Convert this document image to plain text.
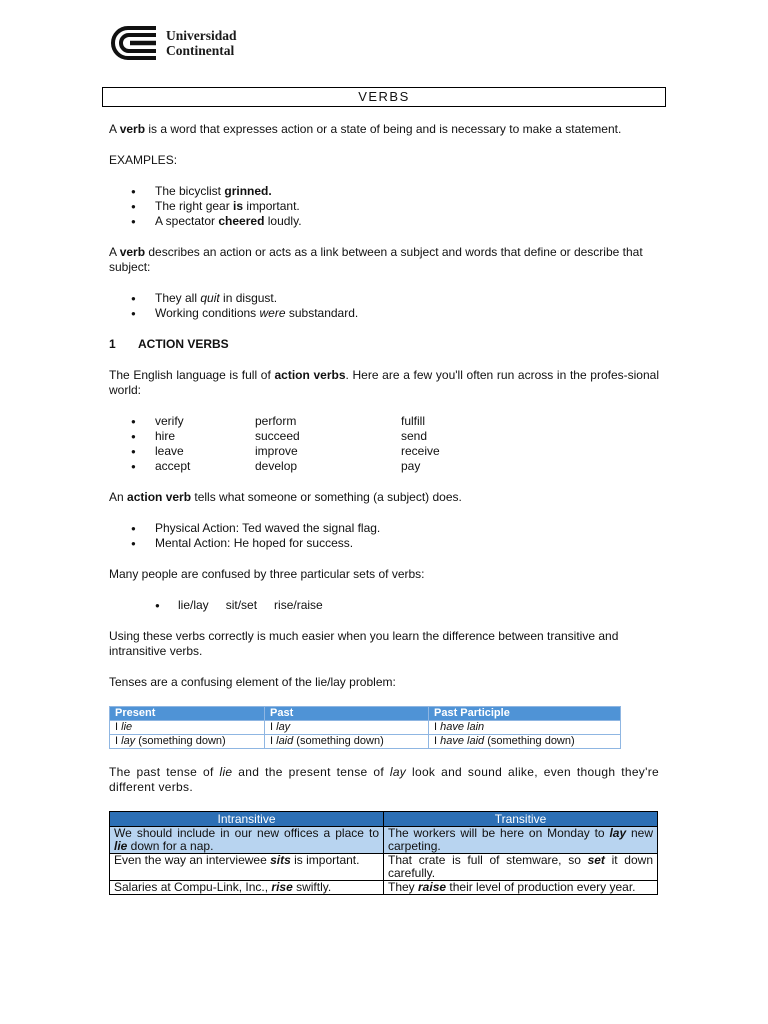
Universidad
Continental
VERBS

A verb is a word that expresses action or a state of being and is necessary to make a statement.

EXAMPLES:

● The bicyclist grinned.
● The right gear is important.
● A spectator cheered loudly.

A verb describes an action or acts as a link between a subject and words that define or describe that subject:

● They all quit in disgust.
● Working conditions were substandard.
1	ACTION VERBS

The English language is full of action verbs. Here are a few you'll often run across in the profes-sional world:

● verify	perform	fulfill
● hire	succeed	send
● leave	improve	receive
● accept	develop	pay

An action verb tells what someone or something (a subject) does.

● Physical Action: Ted waved the signal flag.
● Mental Action: He hoped for success.

Many people are confused by three particular sets of verbs:

● lie/lay sit/set rise/raise

Using these verbs correctly is much easier when you learn the difference between transitive and intransitive verbs.

Tenses are a confusing element of the lie/lay problem:

Present	Past	Past Participle
I lie	I lay	I have lain
I lay (something down)	I laid (something down)	I have laid (something down)

The past tense of lie and the present tense of lay look and sound alike, even though they're different verbs.

Intransitive	Transitive
We should include in our new offices a place to lie down for a nap.	The workers will be here on Monday to lay new carpeting.
Even the way an interviewee sits is important.	That crate is full of stemware, so set it down carefully.
Salaries at Compu-Link, Inc., rise swiftly.	They raise their level of production every year.
